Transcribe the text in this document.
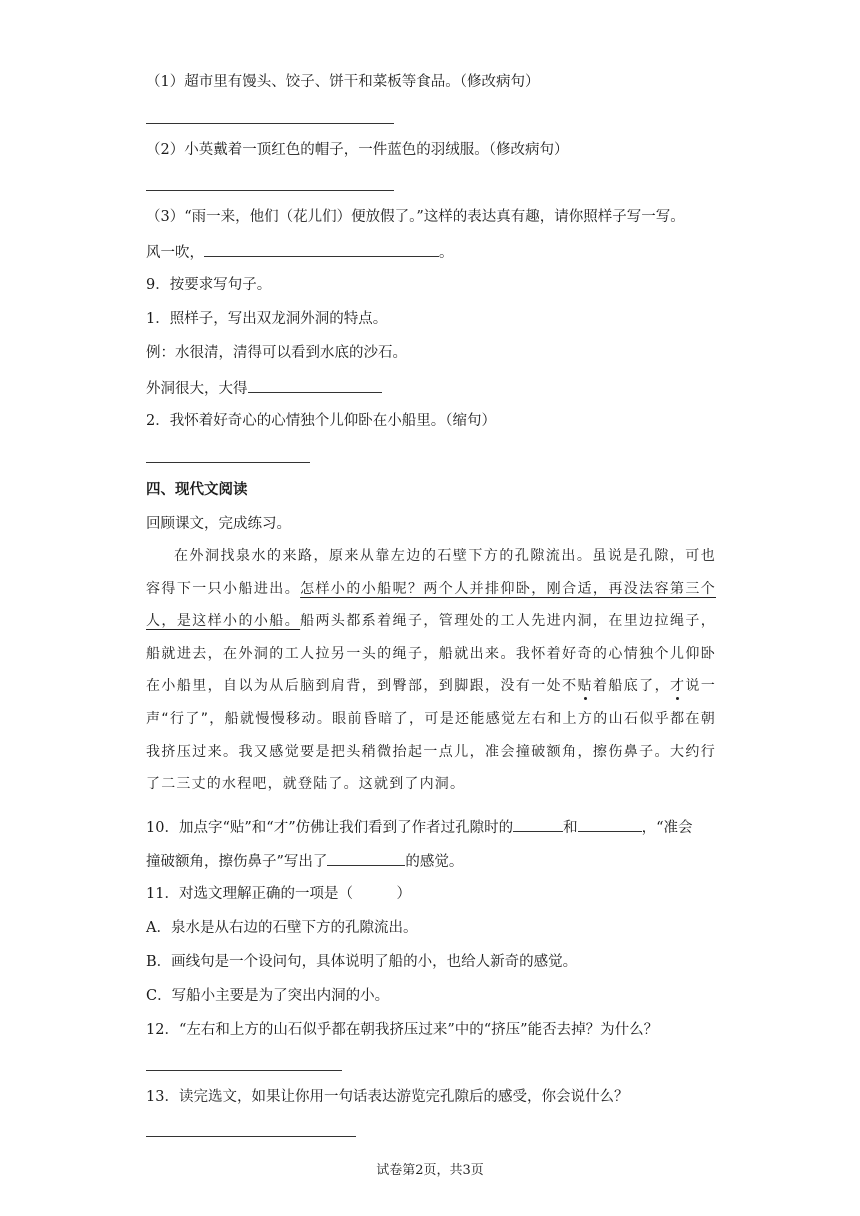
（1）超市里有馒头、饺子、饼干和菜板等食品。（修改病句）
（2）小英戴着一顶红色的帽子，一件蓝色的羽绒服。（修改病句）
（3）“雨一来，他们（花儿们）便放假了。”这样的表达真有趣，请你照样子写一写。
风一吹，	。
9．按要求写句子。
1．照样子，写出双龙洞外洞的特点。
例：水很清，清得可以看到水底的沙石。
外洞很大，大得
2．我怀着好奇心的心情独个儿仰卧在小船里。（缩句）
四、现代文阅读
回顾课文，完成练习。
在外洞找泉水的来路，原来从靠左边的石壁下方的孔隙流出。虽说是孔隙，可也容得下一只小船进出。怎样小的小船呢？两个人并排仰卧，刚合适，再没法容第三个人，是这样小的小船。船两头都系着绳子，管理处的工人先进内洞，在里边拉绳子，船就进去，在外洞的工人拉另一头的绳子，船就出来。我怀着好奇的心情独个儿仰卧在小船里，自以为从后脑到肩背，到臀部，到脚跟，没有一处不贴着船底了，才说一声“行了”，船就慢慢移动。眼前昏暗了，可是还能感觉左右和上方的山石似乎都在朝我挤压过来。我又感觉要是把头稍微抬起一点儿，准会撞破额角，擦伤鼻子。大约行了二三丈的水程吧，就登陆了。这就到了内洞。
10．加点字“贴”和“才”仿佛让我们看到了作者过孔隙时的	和	，“准会
撞破额角，擦伤鼻子”写出了	的感觉。
11．对选文理解正确的一项是（　　　）
A．泉水是从右边的石壁下方的孔隙流出。
B．画线句是一个设问句，具体说明了船的小，也给人新奇的感觉。
C．写船小主要是为了突出内洞的小。
12．“左右和上方的山石似乎都在朝我挤压过来”中的“挤压”能否去掉？为什么？
13．读完选文，如果让你用一句话表达游览完孔隙后的感受，你会说什么？
试卷第2页，共3页
